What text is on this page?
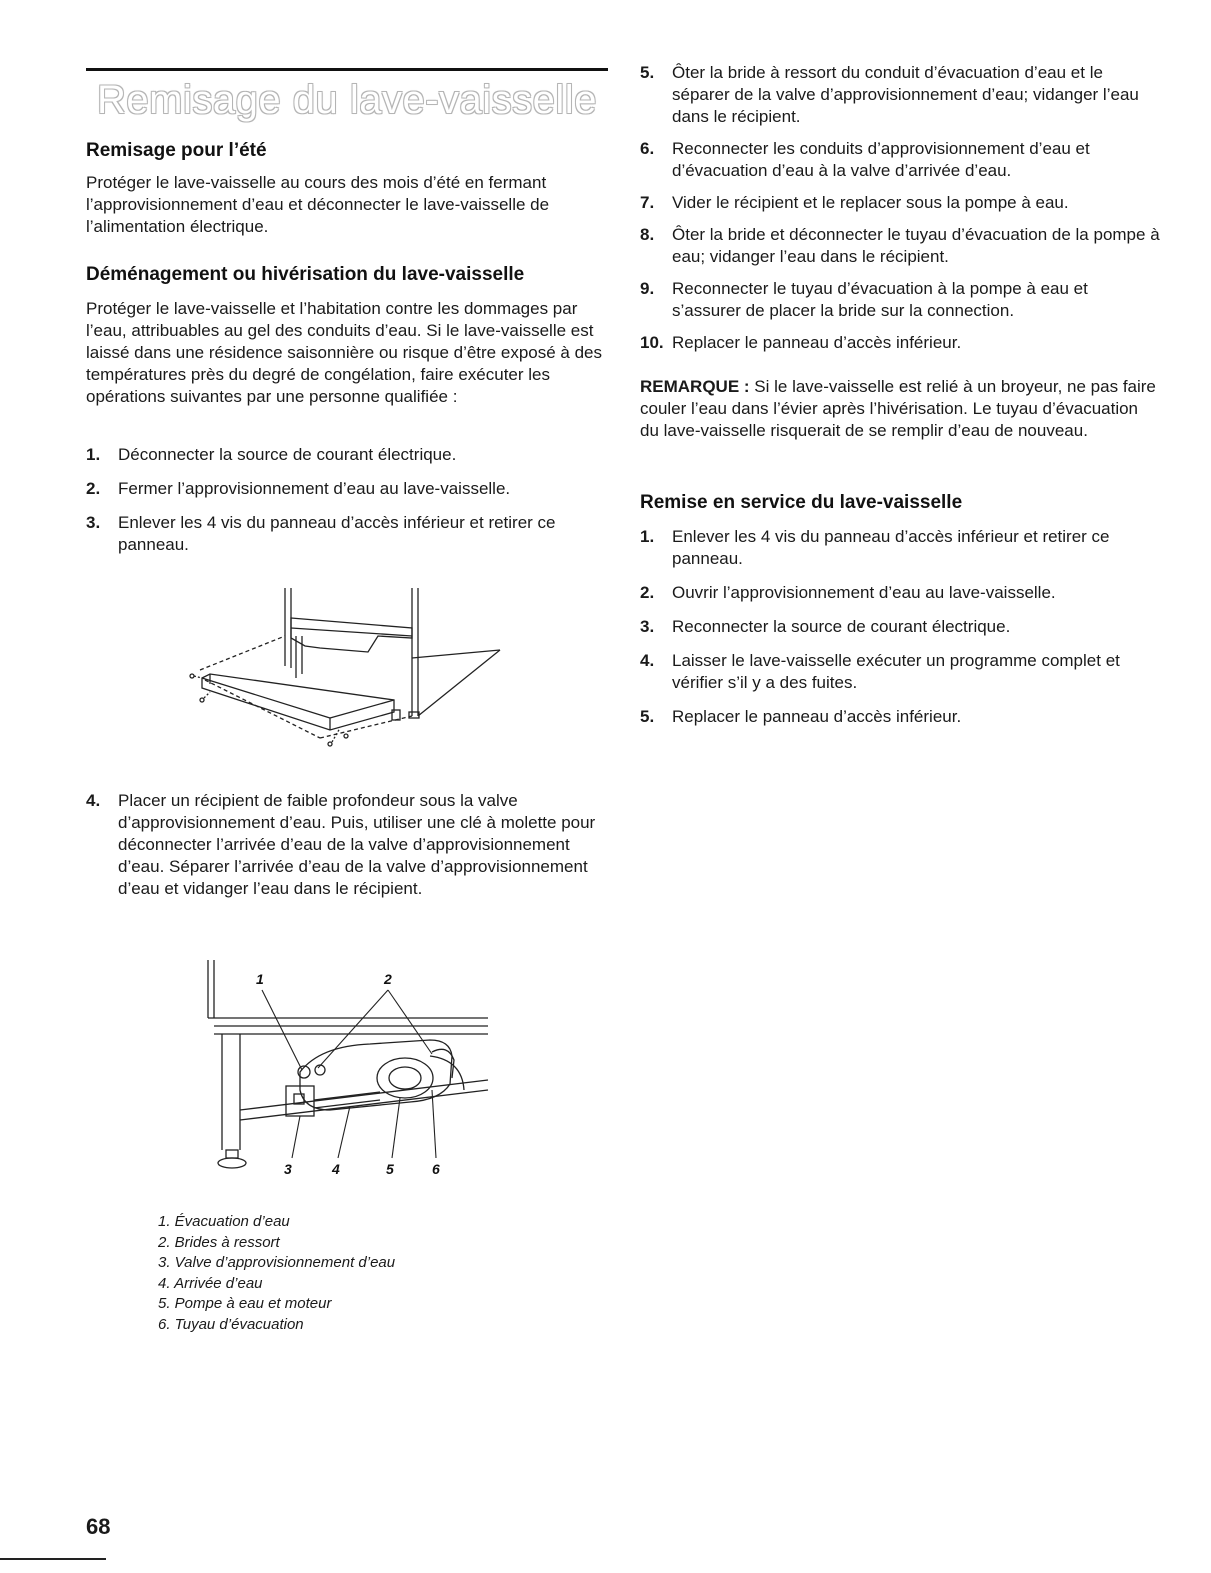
Remisage du lave-vaisselle
Remisage pour l’été

Protéger le lave-vaisselle au cours des mois d’été en fermant l’approvisionnement d’eau et déconnecter le lave-vaisselle de l’alimentation électrique.

Déménagement ou hivérisation du lave-vaisselle

Protéger le lave-vaisselle et l’habitation contre les dommages par l’eau, attribuables au gel des conduits d’eau. Si le lave-vaisselle est laissé dans une résidence saisonnière ou risque d’être exposé à des températures près du degré de congélation, faire exécuter les opérations suivantes par une personne qualifiée :

1. Déconnecter la source de courant électrique.
2. Fermer l’approvisionnement d’eau au lave-vaisselle.
3. Enlever les 4 vis du panneau d’accès inférieur et retirer ce panneau.
4. Placer un récipient de faible profondeur sous la valve d’approvisionnement d’eau. Puis, utiliser une clé à molette pour déconnecter l’arrivée d’eau de la valve d’approvisionnement d’eau. Séparer l’arrivée d’eau de la valve d’approvisionnement d’eau et vidanger l’eau dans le récipient.
1	2
3	4	5	6
1. Évacuation d’eau
2. Brides à ressort
3. Valve d’approvisionnement d’eau
4. Arrivée d’eau
5. Pompe à eau et moteur
6. Tuyau d’évacuation
5. Ôter la bride à ressort du conduit d’évacuation d’eau et le séparer de la valve d’approvisionnement d’eau; vidanger l’eau dans le récipient.
6. Reconnecter les conduits d’approvisionnement d’eau et d’évacuation d’eau à la valve d’arrivée d’eau.
7. Vider le récipient et le replacer sous la pompe à eau.
8. Ôter la bride et déconnecter le tuyau d’évacuation de la pompe à eau; vidanger l’eau dans le récipient.
9. Reconnecter le tuyau d’évacuation à la pompe à eau et s’assurer de placer la bride sur la connection.
10. Replacer le panneau d’accès inférieur.

REMARQUE : Si le lave-vaisselle est relié à un broyeur, ne pas faire couler l’eau dans l’évier après l’hivérisation. Le tuyau d’évacuation du lave-vaisselle risquerait de se remplir d’eau de nouveau.

Remise en service du lave-vaisselle
1. Enlever les 4 vis du panneau d’accès inférieur et retirer ce panneau.
2. Ouvrir l’approvisionnement d’eau au lave-vaisselle.
3. Reconnecter la source de courant électrique.
4. Laisser le lave-vaisselle exécuter un programme complet et vérifier s’il y a des fuites.
5. Replacer le panneau d’accès inférieur.
68
